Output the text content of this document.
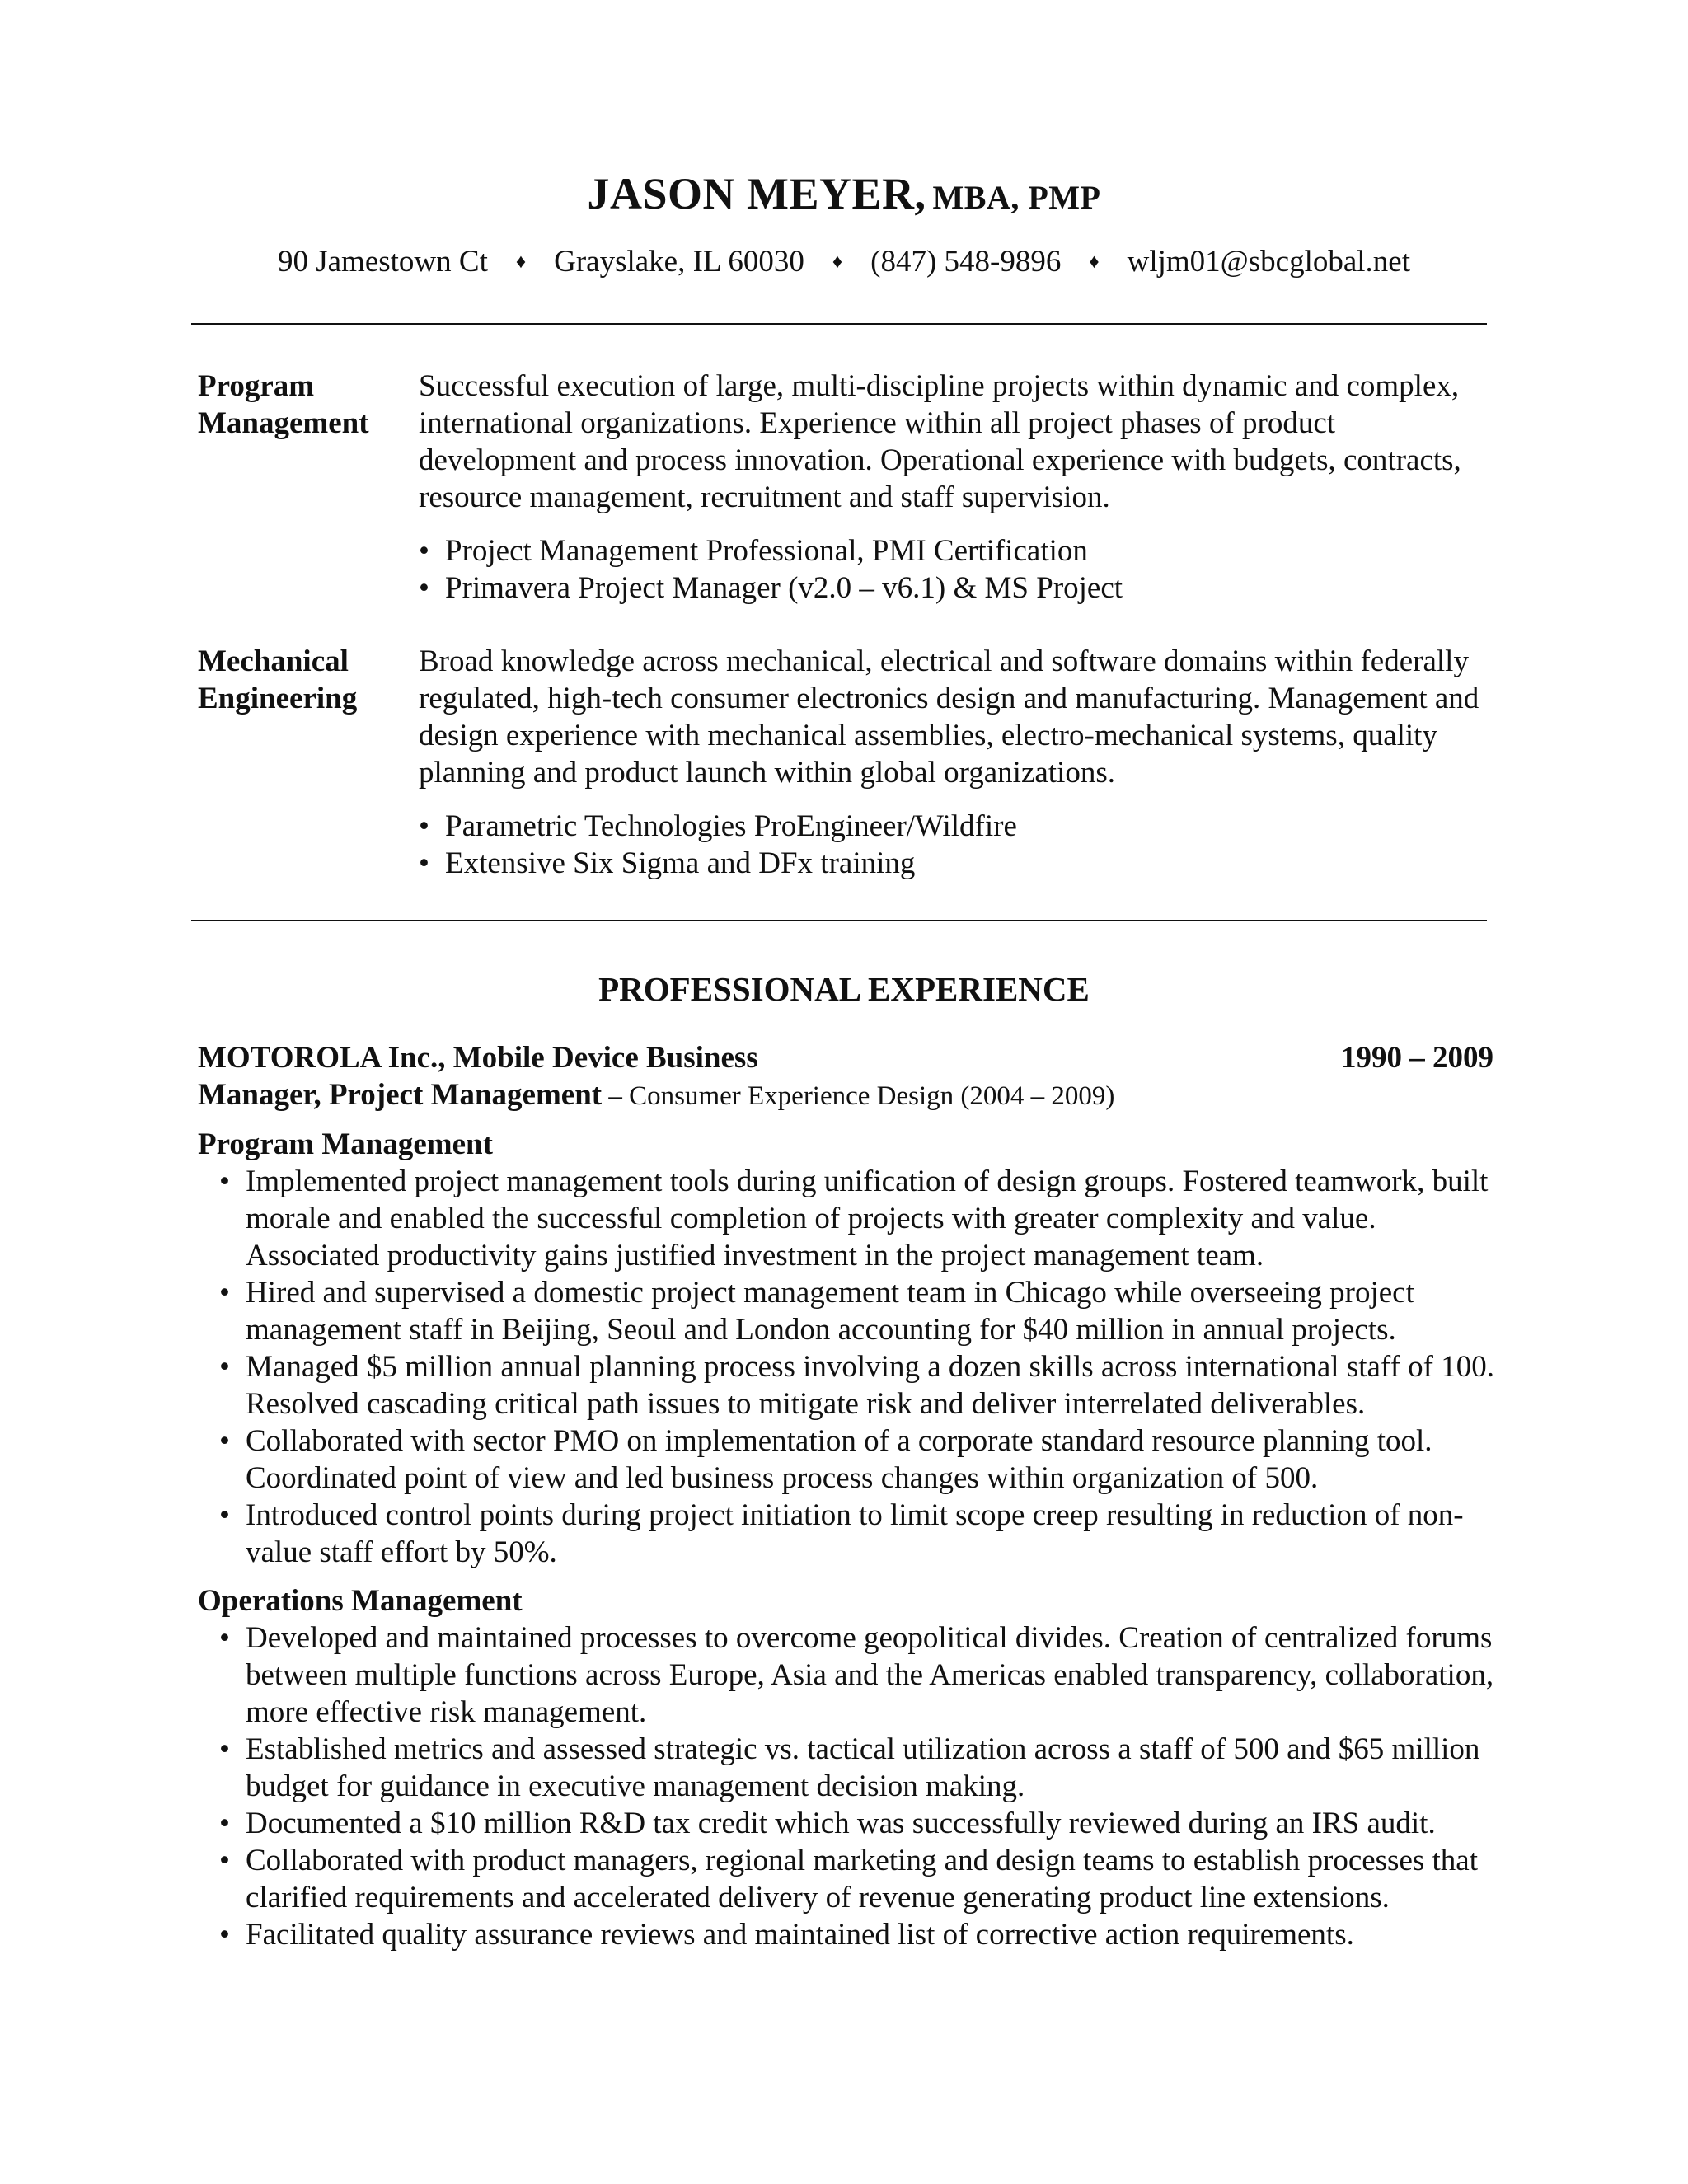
JASON MEYER, MBA, PMP
90 Jamestown Ct ♦ Grayslake, IL 60030 ♦ (847) 548-9896 ♦ wljm01@sbcglobal.net
Program
Management

Successful execution of large, multi-discipline projects within dynamic and complex, international organizations. Experience within all project phases of product development and process innovation. Operational experience with budgets, contracts, resource management, recruitment and staff supervision.

• Project Management Professional, PMI Certification
• Primavera Project Manager (v2.0 – v6.1) & MS Project
Mechanical
Engineering

Broad knowledge across mechanical, electrical and software domains within federally regulated, high-tech consumer electronics design and manufacturing. Management and design experience with mechanical assemblies, electro-mechanical systems, quality planning and product launch within global organizations.

• Parametric Technologies ProEngineer/Wildfire
• Extensive Six Sigma and DFx training
PROFESSIONAL EXPERIENCE
MOTOROLA Inc., Mobile Device Business	1990 – 2009
Manager, Project Management – Consumer Experience Design (2004 – 2009)
Program Management
• Implemented project management tools during unification of design groups. Fostered teamwork, built morale and enabled the successful completion of projects with greater complexity and value. Associated productivity gains justified investment in the project management team.
• Hired and supervised a domestic project management team in Chicago while overseeing project management staff in Beijing, Seoul and London accounting for $40 million in annual projects.
• Managed $5 million annual planning process involving a dozen skills across international staff of 100. Resolved cascading critical path issues to mitigate risk and deliver interrelated deliverables.
• Collaborated with sector PMO on implementation of a corporate standard resource planning tool. Coordinated point of view and led business process changes within organization of 500.
• Introduced control points during project initiation to limit scope creep resulting in reduction of non-value staff effort by 50%.
Operations Management
• Developed and maintained processes to overcome geopolitical divides. Creation of centralized forums between multiple functions across Europe, Asia and the Americas enabled transparency, collaboration, more effective risk management.
• Established metrics and assessed strategic vs. tactical utilization across a staff of 500 and $65 million budget for guidance in executive management decision making.
• Documented a $10 million R&D tax credit which was successfully reviewed during an IRS audit.
• Collaborated with product managers, regional marketing and design teams to establish processes that clarified requirements and accelerated delivery of revenue generating product line extensions.
• Facilitated quality assurance reviews and maintained list of corrective action requirements.
